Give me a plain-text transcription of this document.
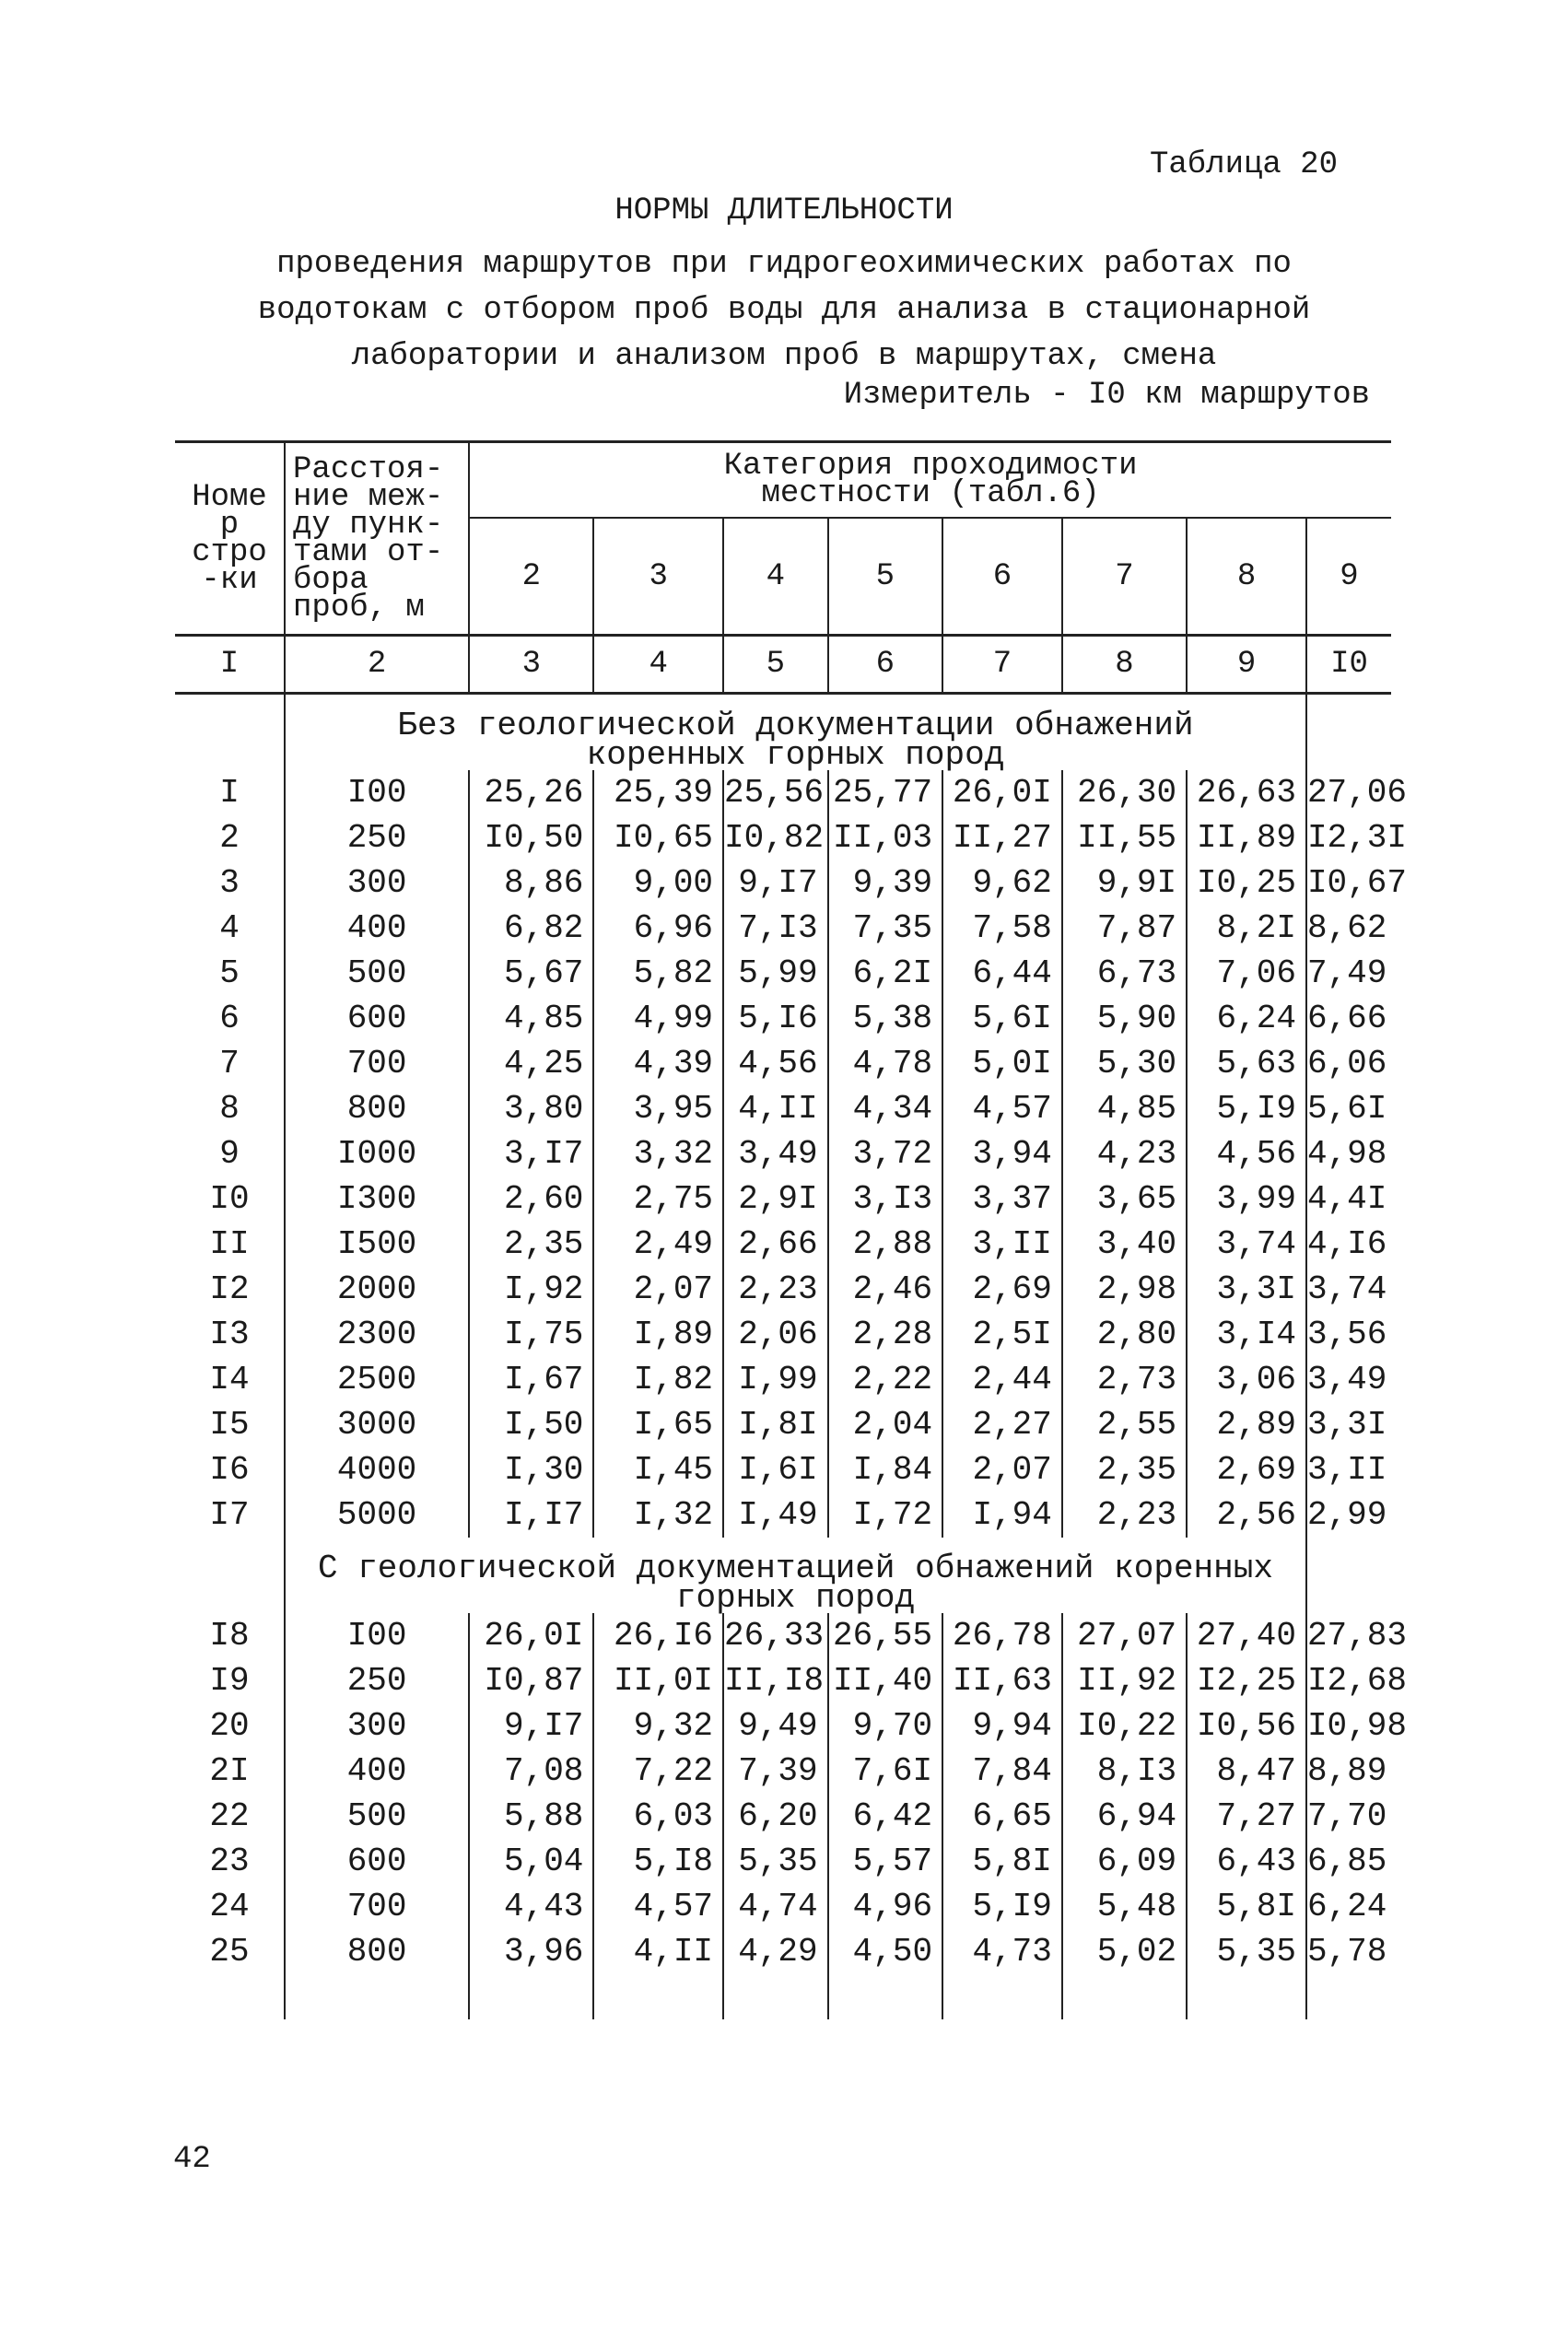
Таблица 20
НОРМЫ ДЛИТЕЛЬНОСТИ
проведения маршрутов при гидрогеохимических работах по
водотокам с отбором проб воды для анализа в стационарной
лаборатории и анализом проб в маршрутах, смена
Измеритель - I0 км маршрутов
Номер стро-ки	Расстоя-ние меж-ду пунк-тами от-бора проб, м	Категория проходимости местности (табл.6)							

		2	3	4	5	6	7	8	9
I	2	3	4	5	6	7	8	9	I0

	Без геологической документации обнажений
коренных горных пород								

I	I00	25,26	25,39	25,56	25,77	26,0I	26,30	26,63	27,06
2	250	I0,50	I0,65	I0,82	II,03	II,27	II,55	II,89	I2,3I
3	300	8,86	9,00	9,I7	9,39	9,62	9,9I	I0,25	I0,67
4	400	6,82	6,96	7,I3	7,35	7,58	7,87	8,2I	8,62
5	500	5,67	5,82	5,99	6,2I	6,44	6,73	7,06	7,49
6	600	4,85	4,99	5,I6	5,38	5,6I	5,90	6,24	6,66
7	700	4,25	4,39	4,56	4,78	5,0I	5,30	5,63	6,06
8	800	3,80	3,95	4,II	4,34	4,57	4,85	5,I9	5,6I
9	I000	3,I7	3,32	3,49	3,72	3,94	4,23	4,56	4,98
I0	I300	2,60	2,75	2,9I	3,I3	3,37	3,65	3,99	4,4I
II	I500	2,35	2,49	2,66	2,88	3,II	3,40	3,74	4,I6
I2	2000	I,92	2,07	2,23	2,46	2,69	2,98	3,3I	3,74
I3	2300	I,75	I,89	2,06	2,28	2,5I	2,80	3,I4	3,56
I4	2500	I,67	I,82	I,99	2,22	2,44	2,73	3,06	3,49
I5	3000	I,50	I,65	I,8I	2,04	2,27	2,55	2,89	3,3I
I6	4000	I,30	I,45	I,6I	I,84	2,07	2,35	2,69	3,II
I7	5000	I,I7	I,32	I,49	I,72	I,94	2,23	2,56	2,99

	С геологической документацией обнажений коренных
горных пород								

I8	I00	26,0I	26,I6	26,33	26,55	26,78	27,07	27,40	27,83
I9	250	I0,87	II,0I	II,I8	II,40	II,63	II,92	I2,25	I2,68
20	300	9,I7	9,32	9,49	9,70	9,94	I0,22	I0,56	I0,98
2I	400	7,08	7,22	7,39	7,6I	7,84	8,I3	8,47	8,89
22	500	5,88	6,03	6,20	6,42	6,65	6,94	7,27	7,70
23	600	5,04	5,I8	5,35	5,57	5,8I	6,09	6,43	6,85
24	700	4,43	4,57	4,74	4,96	5,I9	5,48	5,8I	6,24
25	800	3,96	4,II	4,29	4,50	4,73	5,02	5,35	5,78

42
